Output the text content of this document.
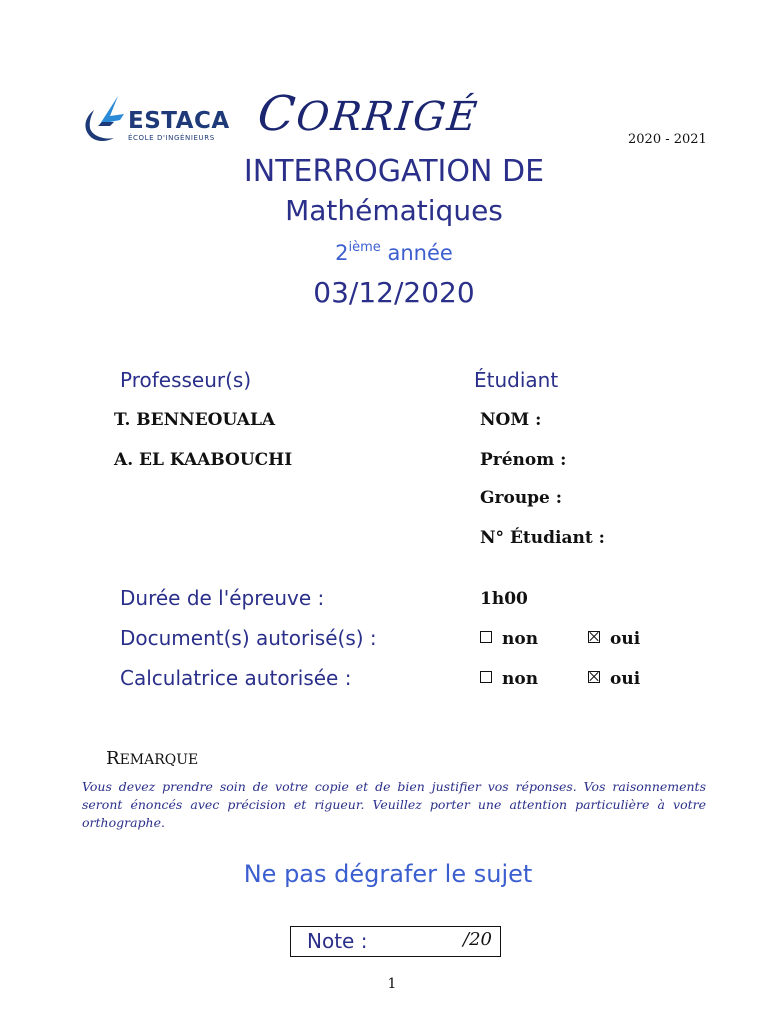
ESTACA
ÉCOLE D'INGÉNIEURS CORRIGÉ	2020 - 2021
INTERROGATION DE
Mathématiques
2ième année
03/12/2020
Professeur(s)	Étudiant
T. BENNEOUALA
A. EL KAABOUCHI
NOM :
Prénom :
Groupe :
N° Étudiant :
Durée de l'épreuve :	1h00
Document(s) autorisé(s) :	non	oui
Calculatrice autorisée :	non	oui
REMARQUE
Vous devez prendre soin de votre copie et de bien justifier vos réponses. Vos raisonnements seront énoncés avec précision et rigueur. Veuillez porter une attention particulière à votre orthographe.
Ne pas dégrafer le sujet
Note :	/20
1
